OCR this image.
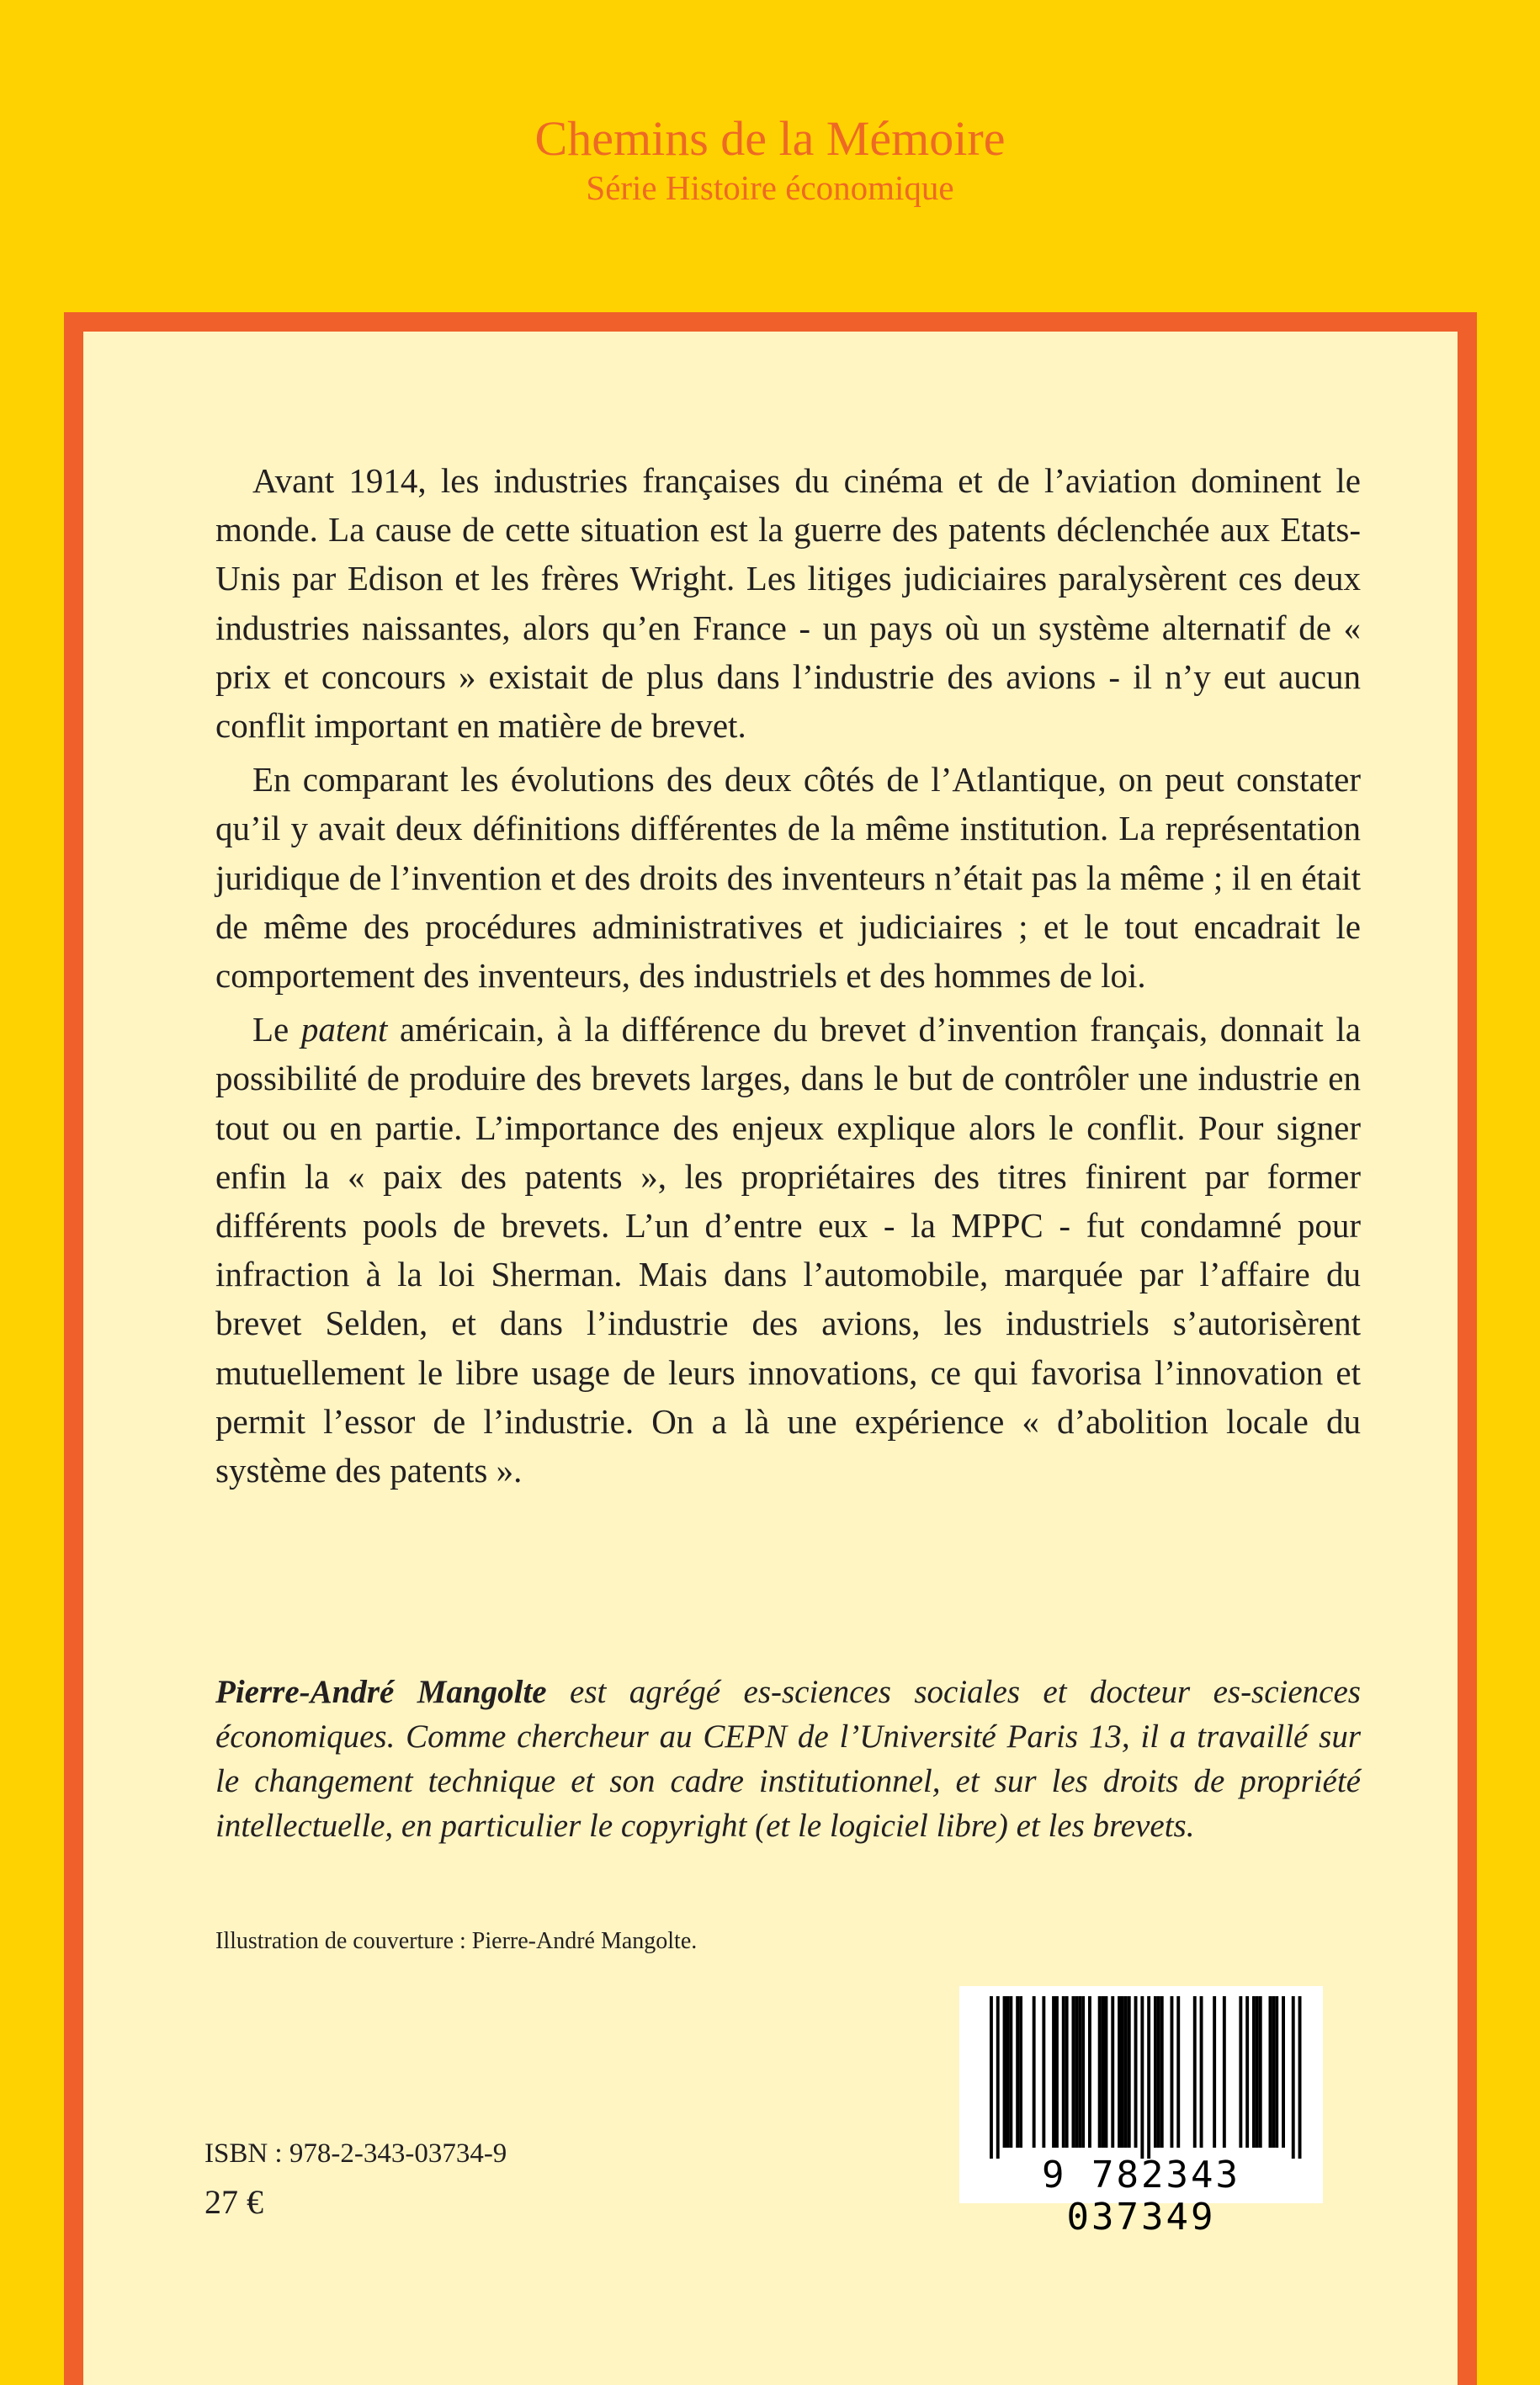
Chemins de la Mémoire
Série Histoire économique

Avant 1914, les industries françaises du cinéma et de l’aviation dominent le monde. La cause de cette situation est la guerre des patents déclenchée aux Etats-Unis par Edison et les frères Wright. Les litiges judiciaires paralysèrent ces deux industries naissantes, alors qu’en France - un pays où un système alternatif de « prix et concours » existait de plus dans l’industrie des avions - il n’y eut aucun conflit important en matière de brevet.

En comparant les évolutions des deux côtés de l’Atlantique, on peut constater qu’il y avait deux définitions différentes de la même institution. La représentation juridique de l’invention et des droits des inventeurs n’était pas la même ; il en était de même des procédures administratives et judiciaires ; et le tout encadrait le comportement des inventeurs, des industriels et des hommes de loi.

Le patent américain, à la différence du brevet d’invention français, donnait la possibilité de produire des brevets larges, dans le but de contrôler une industrie en tout ou en partie. L’importance des enjeux explique alors le conflit. Pour signer enfin la « paix des patents », les propriétaires des titres finirent par former différents pools de brevets. L’un d’entre eux - la MPPC - fut condamné pour infraction à la loi Sherman. Mais dans l’automobile, marquée par l’affaire du brevet Selden, et dans l’industrie des avions, les industriels s’autorisèrent mutuellement le libre usage de leurs innovations, ce qui favorisa l’innovation et permit l’essor de l’industrie. On a là une expérience « d’abolition locale du système des patents ».

Pierre-André Mangolte est agrégé es-sciences sociales et docteur es-sciences économiques. Comme chercheur au CEPN de l’Université Paris 13, il a travaillé sur le changement technique et son cadre institutionnel, et sur les droits de propriété intellectuelle, en particulier le copyright (et le logiciel libre) et les brevets.
Illustration de couverture : Pierre-André Mangolte.
ISBN : 978-2-343-03734-9
27 €
9 782343 037349
